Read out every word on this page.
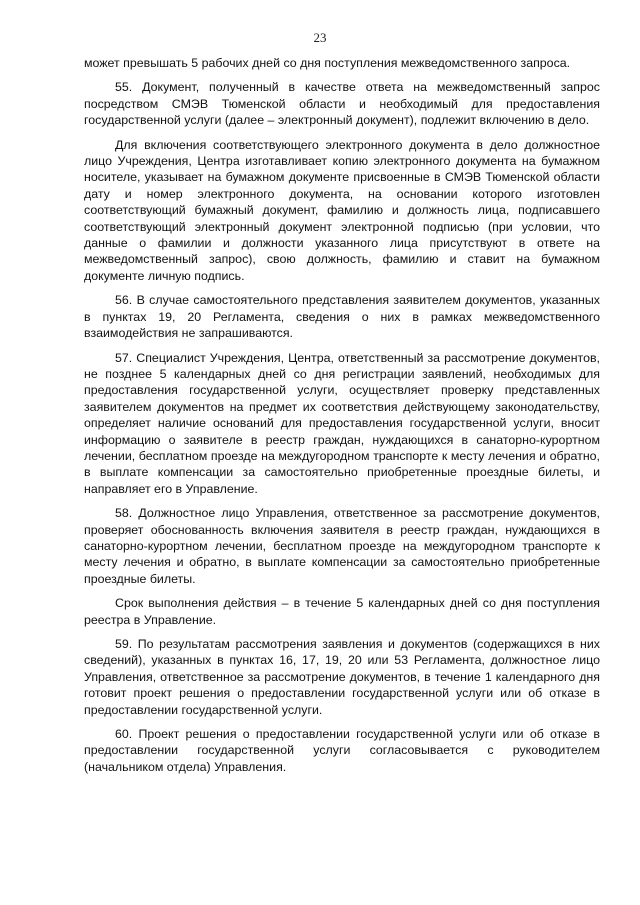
23

может превышать 5 рабочих дней со дня поступления межведомственного запроса.

55. Документ, полученный в качестве ответа на межведомственный запрос посредством СМЭВ Тюменской области и необходимый для предоставления государственной услуги (далее – электронный документ), подлежит включению в дело.

Для включения соответствующего электронного документа в дело должностное лицо Учреждения, Центра изготавливает копию электронного документа на бумажном носителе, указывает на бумажном документе присвоенные в СМЭВ Тюменской области дату и номер электронного документа, на основании которого изготовлен соответствующий бумажный документ, фамилию и должность лица, подписавшего соответствующий электронный документ электронной подписью (при условии, что данные о фамилии и должности указанного лица присутствуют в ответе на межведомственный запрос), свою должность, фамилию и ставит на бумажном документе личную подпись.

56. В случае самостоятельного представления заявителем документов, указанных в пунктах 19, 20 Регламента, сведения о них в рамках межведомственного взаимодействия не запрашиваются.

57. Специалист Учреждения, Центра, ответственный за рассмотрение документов, не позднее 5 календарных дней со дня регистрации заявлений, необходимых для предоставления государственной услуги, осуществляет проверку представленных заявителем документов на предмет их соответствия действующему законодательству, определяет наличие оснований для предоставления государственной услуги, вносит информацию о заявителе в реестр граждан, нуждающихся в санаторно-курортном лечении, бесплатном проезде на междугородном транспорте к месту лечения и обратно, в выплате компенсации за самостоятельно приобретенные проездные билеты, и направляет его в Управление.

58. Должностное лицо Управления, ответственное за рассмотрение документов, проверяет обоснованность включения заявителя в реестр граждан, нуждающихся в санаторно-курортном лечении, бесплатном проезде на междугородном транспорте к месту лечения и обратно, в выплате компенсации за самостоятельно приобретенные проездные билеты.

Срок выполнения действия – в течение 5 календарных дней со дня поступления реестра в Управление.

59. По результатам рассмотрения заявления и документов (содержащихся в них сведений), указанных в пунктах 16, 17, 19, 20 или 53 Регламента, должностное лицо Управления, ответственное за рассмотрение документов, в течение 1 календарного дня готовит проект решения о предоставлении государственной услуги или об отказе в предоставлении государственной услуги.

60. Проект решения о предоставлении государственной услуги или об отказе в предоставлении государственной услуги согласовывается с руководителем (начальником отдела) Управления.
